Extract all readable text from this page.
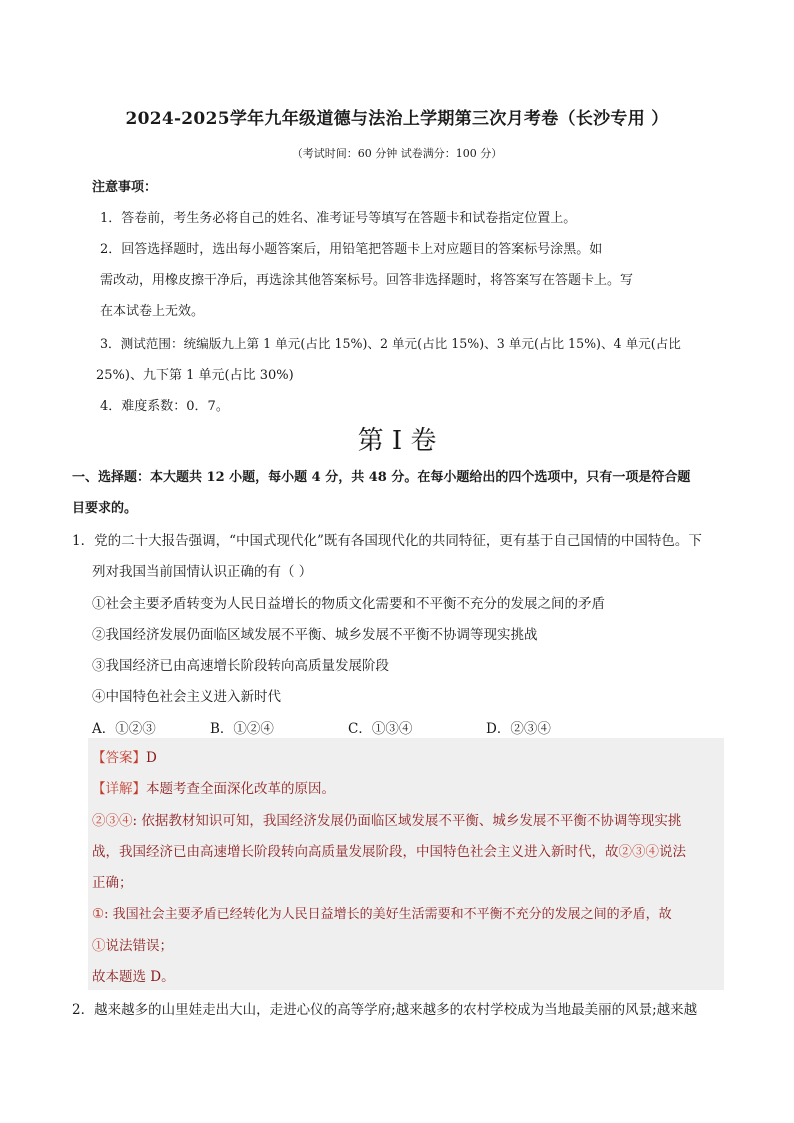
2024-2025学年九年级道德与法治上学期第三次月考卷（长沙专用 ）
（考试时间：60 分钟 试卷满分：100 分）
注意事项：
1．答卷前，考生务必将自己的姓名、准考证号等填写在答题卡和试卷指定位置上。
2．回答选择题时，选出每小题答案后，用铅笔把答题卡上对应题目的答案标号涂黑。如
需改动，用橡皮擦干净后，再选涂其他答案标号。回答非选择题时，将答案写在答题卡上。写
在本试卷上无效。
3．测试范围：统编版九上第 1 单元(占比 15%)、2 单元(占比 15%)、3 单元(占比 15%)、4 单元(占比
25%)、九下第 1 单元(占比 30%)
4．难度系数：0．7。
第 I 卷
一、选择题：本大题共 12 小题，每小题 4 分，共 48 分。在每小题给出的四个选项中，只有一项是符合题
目要求的。
1．党的二十大报告强调，“中国式现代化”既有各国现代化的共同特征，更有基于自己国情的中国特色。下
列对我国当前国情认识正确的有（ ）
①社会主要矛盾转变为人民日益增长的物质文化需要和不平衡不充分的发展之间的矛盾
②我国经济发展仍面临区域发展不平衡、城乡发展不平衡不协调等现实挑战
③我国经济已由高速增长阶段转向高质量发展阶段
④中国特色社会主义进入新时代
A．①②③	B．①②④	C．①③④	D．②③④
【答案】D
【详解】本题考查全面深化改革的原因。
②③④: 依据教材知识可知，我国经济发展仍面临区域发展不平衡、城乡发展不平衡不协调等现实挑
战，我国经济已由高速增长阶段转向高质量发展阶段，中国特色社会主义进入新时代，故②③④说法
正确；
①: 我国社会主要矛盾已经转化为人民日益增长的美好生活需要和不平衡不充分的发展之间的矛盾，故
①说法错误；
故本题选 D。
2．越来越多的山里娃走出大山，走进心仪的高等学府;越来越多的农村学校成为当地最美丽的风景;越来越
